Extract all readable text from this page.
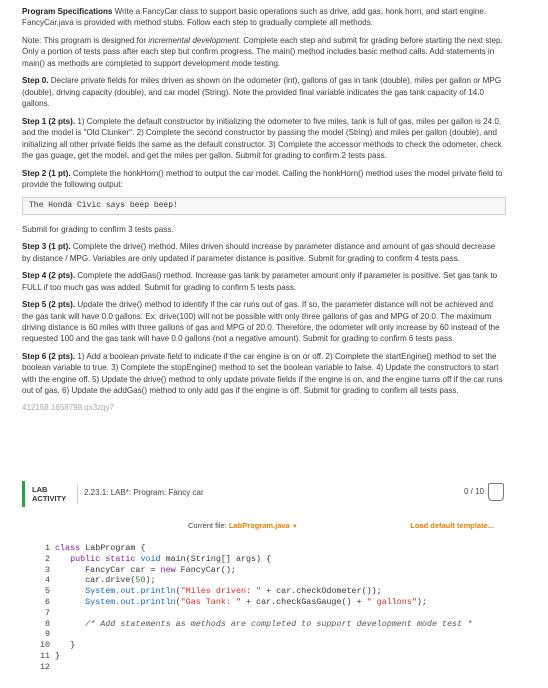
Program Specifications Write a FancyCar class to support basic operations such as drive, add gas, honk horn, and start engine. FancyCar.java is provided with method stubs. Follow each step to gradually complete all methods.

Note: This program is designed for incremental development. Complete each step and submit for grading before starting the next step. Only a portion of tests pass after each step but confirm progress. The main() method includes basic method calls. Add statements in main() as methods are completed to support development mode testing.

Step 0. Declare private fields for miles driven as shown on the odometer (int), gallons of gas in tank (double), miles per gallon or MPG (double), driving capacity (double), and car model (String). Note the provided final variable indicates the gas tank capacity of 14.0 gallons.

Step 1 (2 pts). 1) Complete the default constructor by initializing the odometer to five miles, tank is full of gas, miles per gallon is 24.0, and the model is "Old Clunker". 2) Complete the second constructor by passing the model (String) and miles per gallon (double), and initializing all other private fields the same as the default constructor. 3) Complete the accessor methods to check the odometer, check the gas guage, get the model, and get the miles per gallon. Submit for grading to confirm 2 tests pass.

Step 2 (1 pt). Complete the honkHorn() method to output the car model. Calling the honkHorn() method uses the model private field to provide the following output:

The Honda Civic says beep beep!

Submit for grading to confirm 3 tests pass.

Step 3 (1 pt). Complete the drive() method. Miles driven should increase by parameter distance and amount of gas should decrease by distance / MPG. Variables are only updated if parameter distance is positive. Submit for grading to confirm 4 tests pass.

Step 4 (2 pts). Complete the addGas() method. Increase gas tank by parameter amount only if parameter is positive. Set gas tank to FULL if too much gas was added. Submit for grading to confirm 5 tests pass.

Step 5 (2 pts). Update the drive() method to identify if the car runs out of gas. If so, the parameter distance will not be achieved and the gas tank will have 0.0 gallons. Ex: drive(100) will not be possible with only three gallons of gas and MPG of 20.0. The maximum driving distance is 60 miles with three gallons of gas and MPG of 20.0. Therefore, the odometer will only increase by 60 instead of the requested 100 and the gas tank will have 0.0 gallons (not a negative amount). Submit for grading to confirm 6 tests pass.

Step 6 (2 pts). 1) Add a boolean private field to indicate if the car engine is on or off. 2) Complete the startEngine() method to set the boolean variable to true. 3) Complete the stopEngine() method to set the boolean variable to false. 4) Update the constructors to start with the engine off. 5) Update the drive() method to only update private fields if the engine is on, and the engine turns off if the car runs out of gas. 6) Update the addGas() method to only add gas if the engine is off. Submit for grading to confirm all tests pass.

412158.1658798.qx3zqy7
LAB
ACTIVITY
2.23.1: LAB*: Program: Fancy car	0 / 10
Current file: LabProgram.java ▼	Load default template...
1
2
3
4
5
6
7
8
9
10
11
12
class LabProgram {
public static void main(String[] args) {
FancyCar car = new FancyCar();
car.drive(50);
System.out.println("Miles driven: " + car.checkOdometer());
System.out.println("Gas Tank: " + car.checkGasGauge() + " gallons");

/* Add statements as methods are completed to support development mode test *

}
}
